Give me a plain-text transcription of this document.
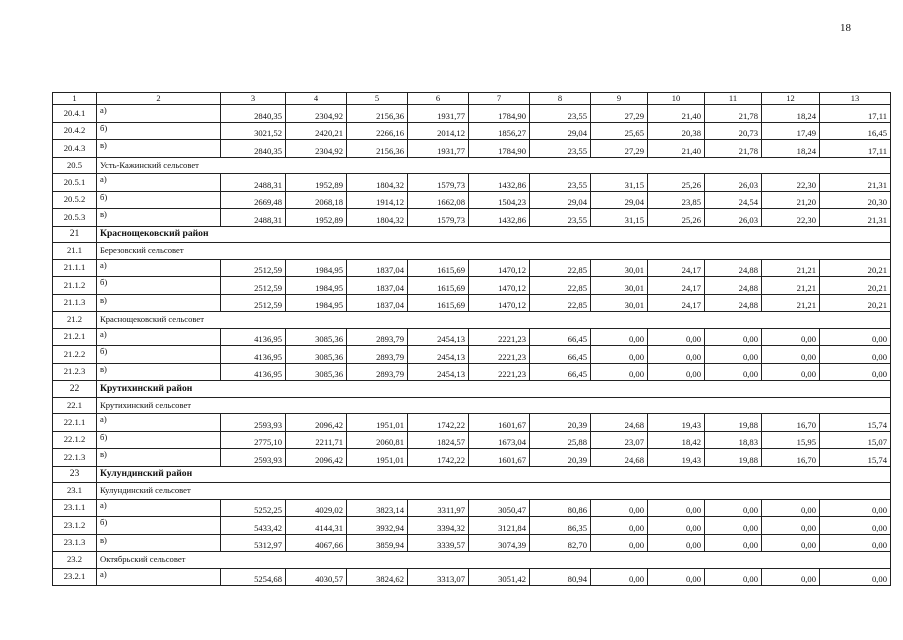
18
1	2	3	4	5	6	7	8	9	10	11	12	13
20.4.1	а)	2840,35	2304,92	2156,36	1931,77	1784,90	23,55	27,29	21,40	21,78	18,24	17,11
20.4.2	б)	3021,52	2420,21	2266,16	2014,12	1856,27	29,04	25,65	20,38	20,73	17,49	16,45
20.4.3	в)	2840,35	2304,92	2156,36	1931,77	1784,90	23,55	27,29	21,40	21,78	18,24	17,11
20.5	Усть-Кажинский сельсовет											
20.5.1	а)	2488,31	1952,89	1804,32	1579,73	1432,86	23,55	31,15	25,26	26,03	22,30	21,31
20.5.2	б)	2669,48	2068,18	1914,12	1662,08	1504,23	29,04	29,04	23,85	24,54	21,20	20,30
20.5.3	в)	2488,31	1952,89	1804,32	1579,73	1432,86	23,55	31,15	25,26	26,03	22,30	21,31
21	Краснощековский район											
21.1	Березовский сельсовет											
21.1.1	а)	2512,59	1984,95	1837,04	1615,69	1470,12	22,85	30,01	24,17	24,88	21,21	20,21
21.1.2	б)	2512,59	1984,95	1837,04	1615,69	1470,12	22,85	30,01	24,17	24,88	21,21	20,21
21.1.3	в)	2512,59	1984,95	1837,04	1615,69	1470,12	22,85	30,01	24,17	24,88	21,21	20,21
21.2	Краснощековский сельсовет											
21.2.1	а)	4136,95	3085,36	2893,79	2454,13	2221,23	66,45	0,00	0,00	0,00	0,00	0,00
21.2.2	б)	4136,95	3085,36	2893,79	2454,13	2221,23	66,45	0,00	0,00	0,00	0,00	0,00
21.2.3	в)	4136,95	3085,36	2893,79	2454,13	2221,23	66,45	0,00	0,00	0,00	0,00	0,00
22	Крутихинский район											
22.1	Крутихинский сельсовет											
22.1.1	а)	2593,93	2096,42	1951,01	1742,22	1601,67	20,39	24,68	19,43	19,88	16,70	15,74
22.1.2	б)	2775,10	2211,71	2060,81	1824,57	1673,04	25,88	23,07	18,42	18,83	15,95	15,07
22.1.3	в)	2593,93	2096,42	1951,01	1742,22	1601,67	20,39	24,68	19,43	19,88	16,70	15,74
23	Кулундинский район											
23.1	Кулундинский сельсовет											
23.1.1	а)	5252,25	4029,02	3823,14	3311,97	3050,47	80,86	0,00	0,00	0,00	0,00	0,00
23.1.2	б)	5433,42	4144,31	3932,94	3394,32	3121,84	86,35	0,00	0,00	0,00	0,00	0,00
23.1.3	в)	5312,97	4067,66	3859,94	3339,57	3074,39	82,70	0,00	0,00	0,00	0,00	0,00
23.2	Октябрьский сельсовет											
23.2.1	а)	5254,68	4030,57	3824,62	3313,07	3051,42	80,94	0,00	0,00	0,00	0,00	0,00
